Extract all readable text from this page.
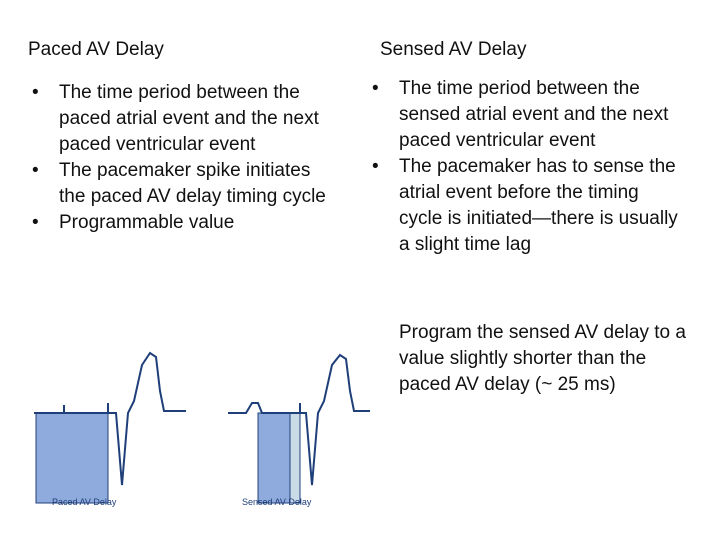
Paced AV Delay
•	The time period between the paced atrial event and the next paced ventricular event
•	The pacemaker spike initiates the paced AV delay timing cycle
•	Programmable value
Sensed AV Delay
•	The time period between the sensed atrial event and the next paced ventricular event
•	The pacemaker has to sense the atrial event before the timing cycle is initiated—there is usually a slight time lag
Program the sensed AV delay to a value slightly shorter than the paced AV delay (~ 25 ms)
Paced AV Delay	Sensed AV Delay
